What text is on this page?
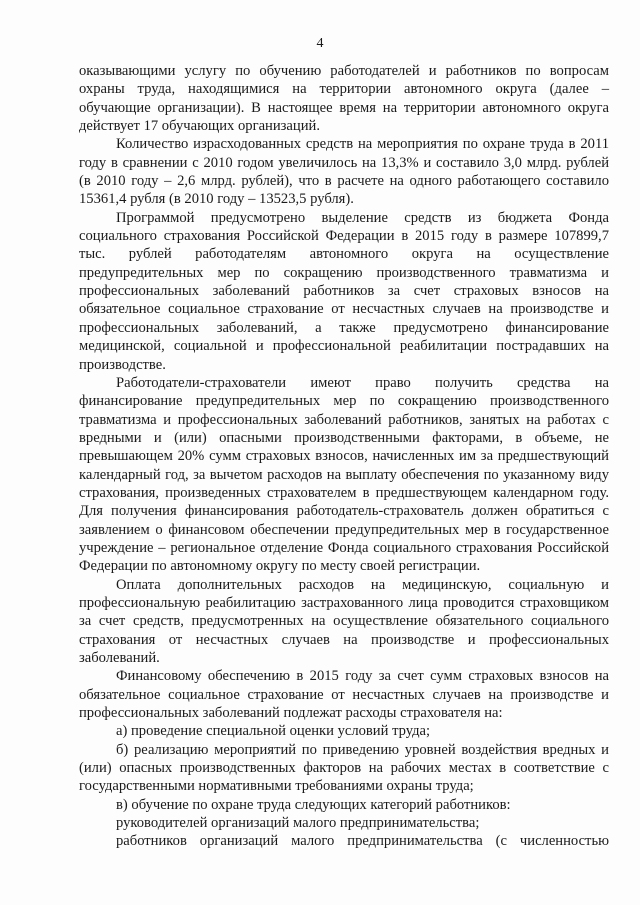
4

оказывающими услугу по обучению работодателей и работников по вопросам охраны труда, находящимися на территории автономного округа (далее – обучающие организации). В настоящее время на территории автономного округа действует 17 обучающих организаций.

Количество израсходованных средств на мероприятия по охране труда в 2011 году в сравнении с 2010 годом увеличилось на 13,3% и составило 3,0 млрд. рублей (в 2010 году – 2,6 млрд. рублей), что в расчете на одного работающего составило 15361,4 рубля (в 2010 году – 13523,5 рубля).

Программой предусмотрено выделение средств из бюджета Фонда социального страхования Российской Федерации в 2015 году в размере 107899,7 тыс. рублей работодателям автономного округа на осуществление предупредительных мер по сокращению производственного травматизма и профессиональных заболеваний работников за счет страховых взносов на обязательное социальное страхование от несчастных случаев на производстве и профессиональных заболеваний, а также предусмотрено финансирование медицинской, социальной и профессиональной реабилитации пострадавших на производстве.

Работодатели-страхователи имеют право получить средства на финансирование предупредительных мер по сокращению производственного травматизма и профессиональных заболеваний работников, занятых на работах с вредными и (или) опасными производственными факторами, в объеме, не превышающем 20% сумм страховых взносов, начисленных им за предшествующий календарный год, за вычетом расходов на выплату обеспечения по указанному виду страхования, произведенных страхователем в предшествующем календарном году. Для получения финансирования работодатель-страхователь должен обратиться с заявлением о финансовом обеспечении предупредительных мер в государственное учреждение – региональное отделение Фонда социального страхования Российской Федерации по автономному округу по месту своей регистрации.

Оплата дополнительных расходов на медицинскую, социальную и профессиональную реабилитацию застрахованного лица проводится страховщиком за счет средств, предусмотренных на осуществление обязательного социального страхования от несчастных случаев на производстве и профессиональных заболеваний.

Финансовому обеспечению в 2015 году за счет сумм страховых взносов на обязательное социальное страхование от несчастных случаев на производстве и профессиональных заболеваний подлежат расходы страхователя на:

а) проведение специальной оценки условий труда;

б) реализацию мероприятий по приведению уровней воздействия вредных и (или) опасных производственных факторов на рабочих местах в соответствие с государственными нормативными требованиями охраны труда;

в) обучение по охране труда следующих категорий работников:

руководителей организаций малого предпринимательства;

работников организаций малого предпринимательства (с численностью
